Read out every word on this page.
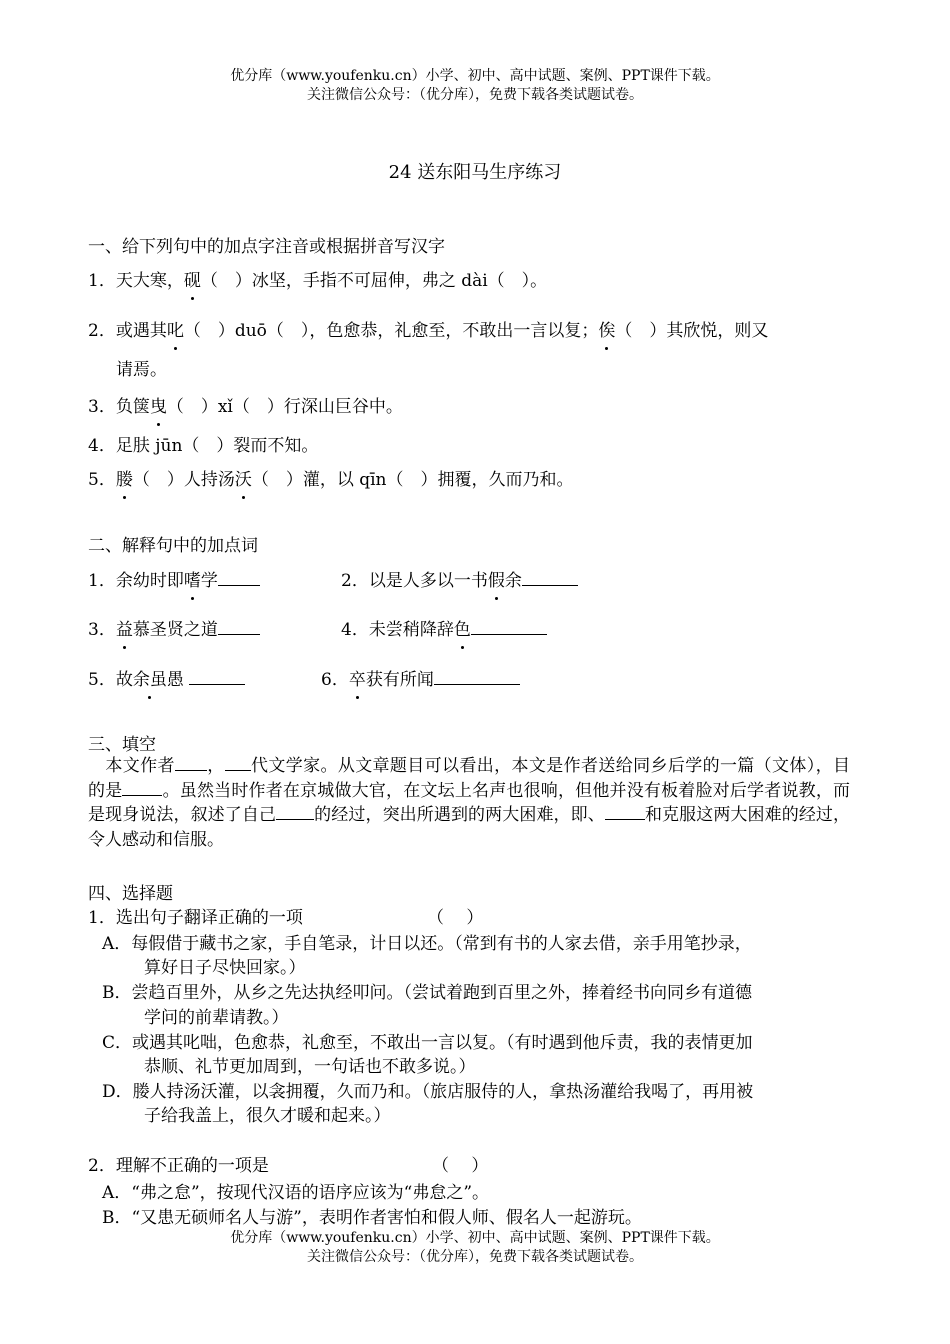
优分库（www.youfenku.cn）小学、初中、高中试题、案例、PPT课件下载。
关注微信公众号：（优分库），免费下载各类试题试卷。
24 送东阳马生序练习
一、给下列句中的加点字注音或根据拼音写汉字
1．天大寒，砚（　）冰坚，手指不可屈伸，弗之 dài（　）。
2．或遇其叱（　）duō（　），色愈恭，礼愈至，不敢出一言以复；俟（　）其欣悦，则又
请焉。
3．负箧曳（　）xǐ（　）行深山巨谷中。
4．足肤 jūn（　）裂而不知。
5．媵（　）人持汤沃（　）灌，以 qīn（　）拥覆，久而乃和。
二、解释句中的加点词
1．余幼时即嗜学	2．以是人多以一书假余
3．益慕圣贤之道	4．未尝稍降辞色
5．故余虽愚	6．卒获有所闻
三、填空
　本文作者 ， 代文学家。从文章题目可以看出，本文是作者送给同乡后学的一篇（文体），目的是 。虽然当时作者在京城做大官，在文坛上名声也很响，但他并没有板着脸对后学者说教，而是现身说法，叙述了自己 的经过，突出所遇到的两大困难，即、 和克服这两大困难的经过，令人感动和信服。
四、选择题
1．选出句子翻译正确的一项	（　 ）
A．每假借于藏书之家，手自笔录，计日以还。（常到有书的人家去借，亲手用笔抄录，
算好日子尽快回家。）
B．尝趋百里外，从乡之先达执经叩问。（尝试着跑到百里之外，捧着经书向同乡有道德
学问的前辈请教。）
C．或遇其叱咄，色愈恭，礼愈至，不敢出一言以复。（有时遇到他斥责，我的表情更加
恭顺、礼节更加周到，一句话也不敢多说。）
D．媵人持汤沃灌，以衾拥覆，久而乃和。（旅店服侍的人，拿热汤灌给我喝了，再用被
子给我盖上，很久才暖和起来。）
2．理解不正确的一项是	（　 ）
A．“弗之怠”，按现代汉语的语序应该为“弗怠之”。
B．“又患无硕师名人与游”，表明作者害怕和假人师、假名人一起游玩。
优分库（www.youfenku.cn）小学、初中、高中试题、案例、PPT课件下载。
关注微信公众号：（优分库），免费下载各类试题试卷。
